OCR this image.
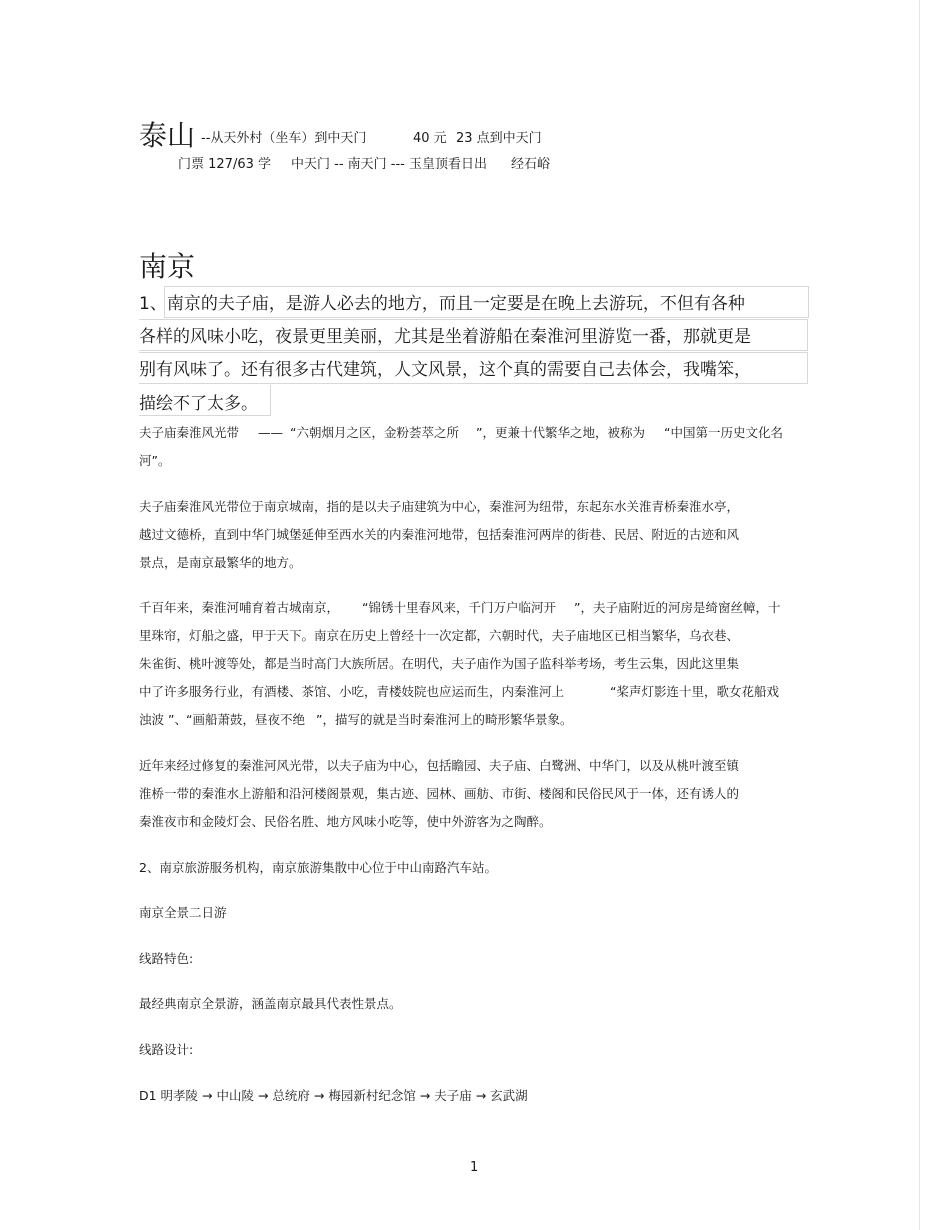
泰山 --从天外村（坐车）到中天门	40 元 23 点到中天门
门票 127/63 学 中天门 -- 南天门 --- 玉皇顶看日出 经石峪
南京
1、南京的夫子庙，是游人必去的地方，而且一定要是在晚上去游玩，不但有各种
各样的风味小吃，夜景更里美丽，尤其是坐着游船在秦淮河里游览一番，那就更是
别有风味了。还有很多古代建筑，人文风景，这个真的需要自己去体会，我嘴笨，
描绘不了太多。
夫子庙秦淮风光带 —— “六朝烟月之区，金粉荟萃之所 ”，更兼十代繁华之地，被称为 “中国第一历史文化名
河”。
夫子庙秦淮风光带位于南京城南，指的是以夫子庙建筑为中心，秦淮河为纽带，东起东水关淮青桥秦淮水亭，
越过文德桥，直到中华门城堡延伸至西水关的内秦淮河地带，包括秦淮河两岸的街巷、民居、附近的古迹和风
景点，是南京最繁华的地方。
千百年来，秦淮河哺育着古城南京， “锦锈十里春风来，千门万户临河开 ”，夫子庙附近的河房是绮窗丝幛，十
里珠帘，灯船之盛，甲于天下。南京在历史上曾经十一次定都，六朝时代，夫子庙地区已相当繁华，乌衣巷、
朱雀街、桃叶渡等处，都是当时高门大族所居。在明代，夫子庙作为国子监科举考场，考生云集，因此这里集
中了许多服务行业，有酒楼、茶馆、小吃，青楼妓院也应运而生，内秦淮河上	“桨声灯影连十里，歌女花船戏
浊波 ”、 “画船萧鼓，昼夜不绝 ”，描写的就是当时秦淮河上的畸形繁华景象。
近年来经过修复的秦淮河风光带，以夫子庙为中心，包括瞻园、夫子庙、白鹭洲、中华门，以及从桃叶渡至镇
淮桥一带的秦淮水上游船和沿河楼阁景观，集古迹、园林、画舫、市街、楼阁和民俗民风于一体，还有诱人的
秦淮夜市和金陵灯会、民俗名胜、地方风味小吃等，使中外游客为之陶醉。
2、南京旅游服务机构，南京旅游集散中心位于中山南路汽车站。
南京全景二日游
线路特色:
最经典南京全景游，涵盖南京最具代表性景点。
线路设计:
D1 明孝陵 → 中山陵 → 总统府 → 梅园新村纪念馆 → 夫子庙 → 玄武湖
1
